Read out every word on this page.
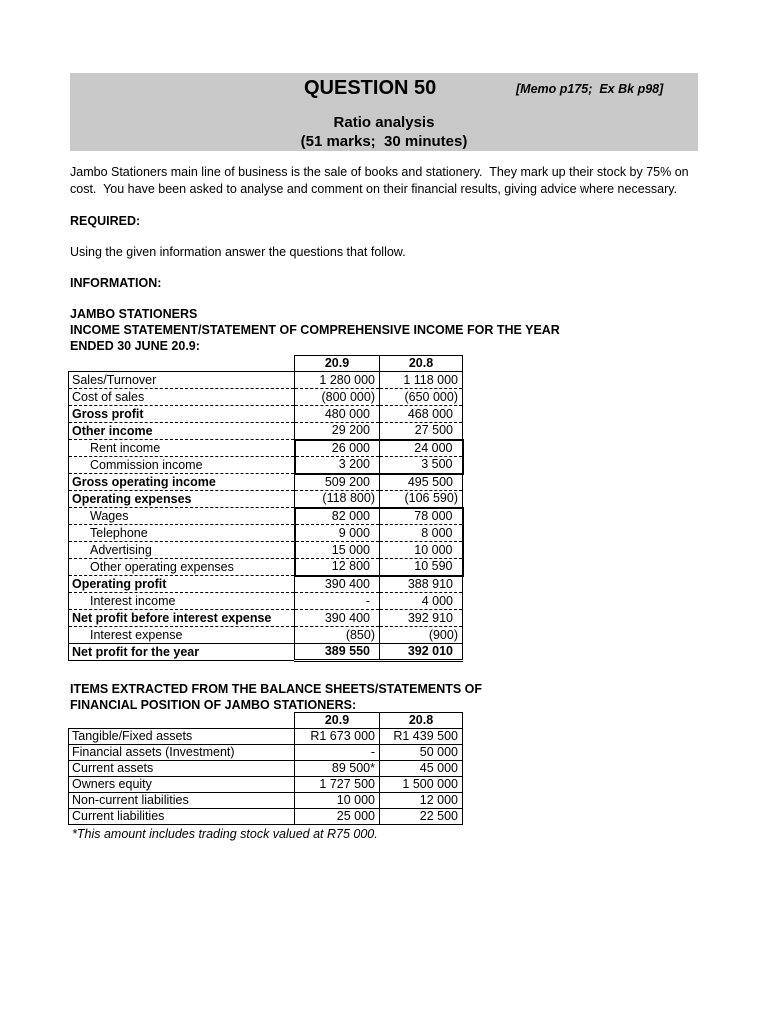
QUESTION 50	[Memo p175;  Ex Bk p98]
Ratio analysis
(51 marks;  30 minutes)
Jambo Stationers main line of business is the sale of books and stationery.  They mark up their stock by 75% on
cost.  You have been asked to analyse and comment on their financial results, giving advice where necessary.
REQUIRED:
Using the given information answer the questions that follow.
INFORMATION:
JAMBO STATIONERS
INCOME STATEMENT/STATEMENT OF COMPREHENSIVE INCOME FOR THE YEAR
ENDED 30 JUNE 20.9:
	20.9	20.8
Sales/Turnover	1 280 000	1 118 000
Cost of sales	(800 000)	(650 000)
Gross profit	480 000	468 000
Other income	29 200	27 500
Rent income	26 000	24 000
Commission income	3 200	3 500
Gross operating income	509 200	495 500
Operating expenses	(118 800)	(106 590)
Wages	82 000	78 000
Telephone	9 000	8 000
Advertising	15 000	10 000
Other operating expenses	12 800	10 590
Operating profit	390 400	388 910
Interest income	-	4 000
Net profit before interest expense	390 400	392 910
Interest expense	(850)	(900)
Net profit for the year	389 550	392 010
ITEMS EXTRACTED FROM THE BALANCE SHEETS/STATEMENTS OF
FINANCIAL POSITION OF JAMBO STATIONERS:
	20.9	20.8
Tangible/Fixed assets	R1 673 000	R1 439 500
Financial assets (Investment)	-	50 000
Current assets	89 500*	45 000
Owners equity	1 727 500	1 500 000
Non-current liabilities	10 000	12 000
Current liabilities	25 000	22 500
*This amount includes trading stock valued at R75 000.
